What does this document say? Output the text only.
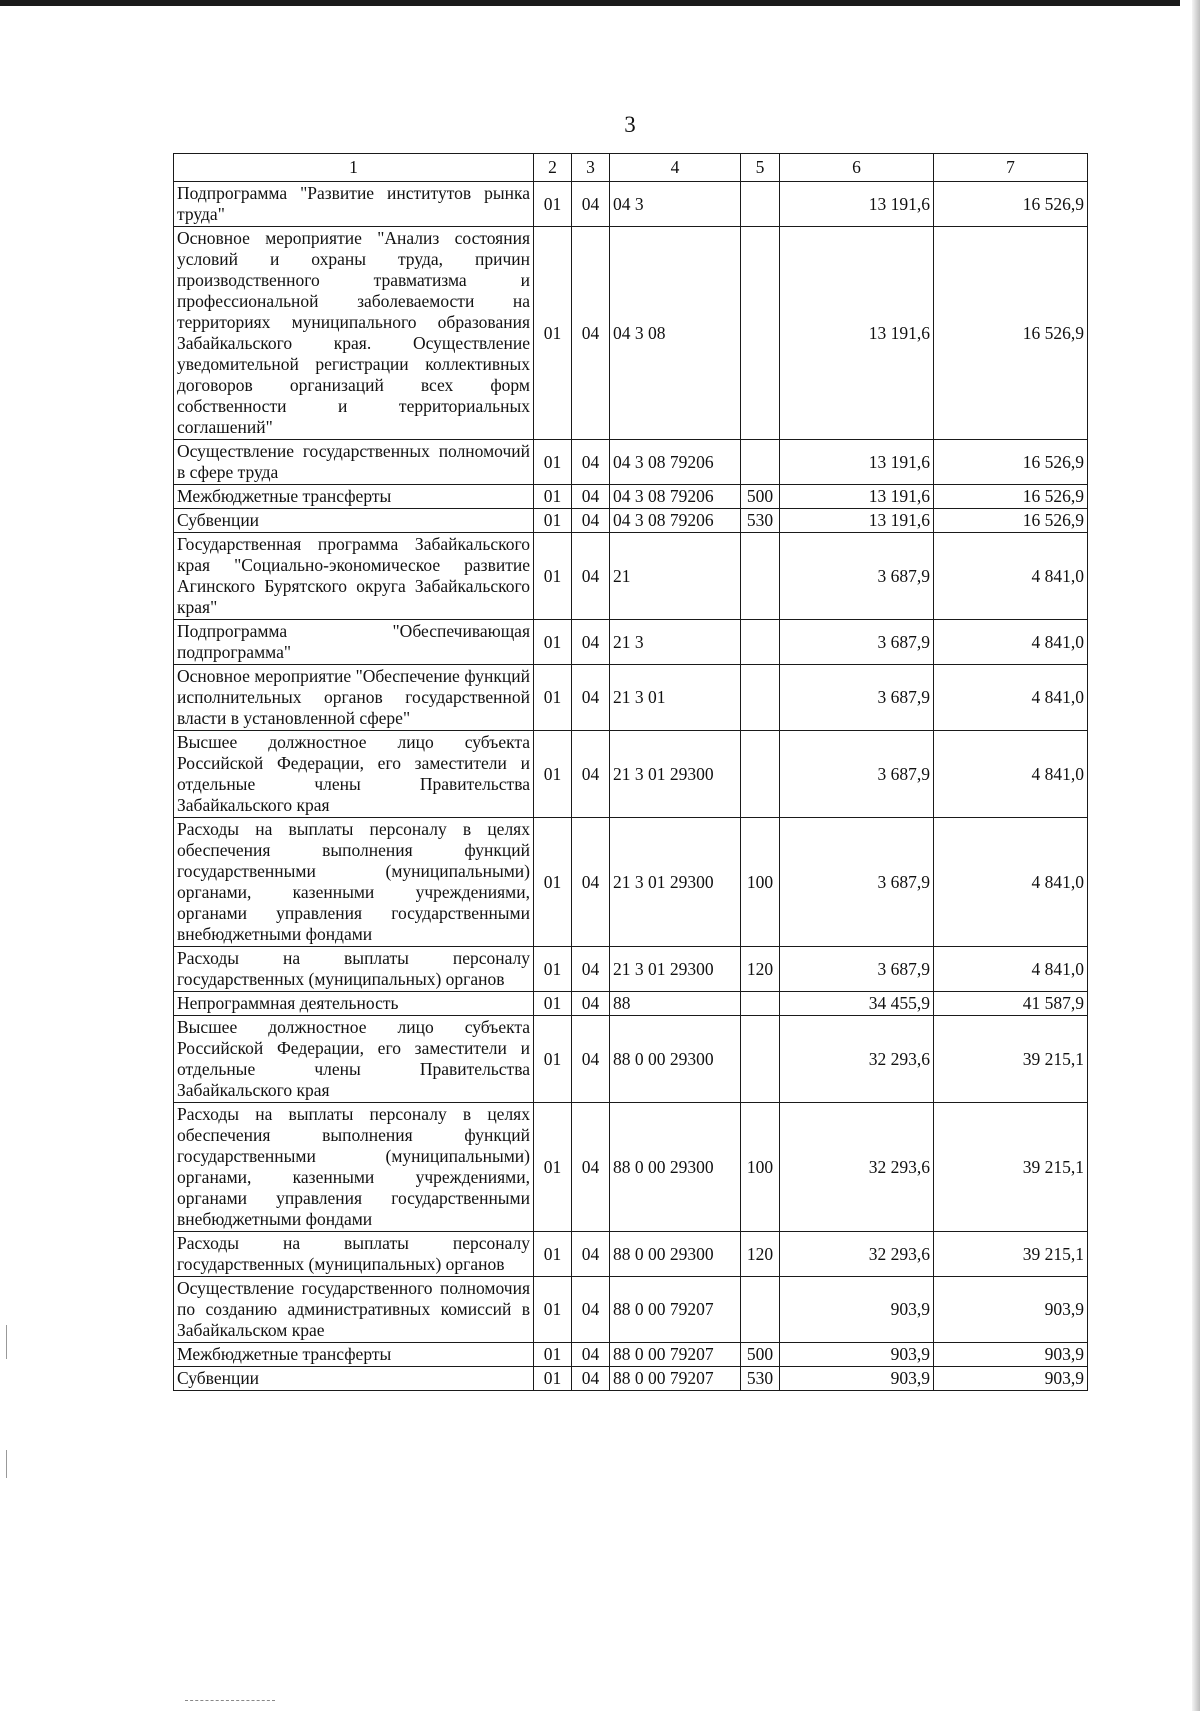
3
1	2	3	4	5	6	7
Подпрограмма "Развитие институтов рынка труда"	01	04	04 3		13 191,6	16 526,9
Основное мероприятие "Анализ состояния условий и охраны труда, причин производственного травматизма и профессиональной заболеваемости на территориях муниципального образования Забайкальского края. Осуществление уведомительной регистрации коллективных договоров организаций всех форм собственности и территориальных соглашений"	01	04	04 3 08		13 191,6	16 526,9
Осуществление государственных полномочий в сфере труда	01	04	04 3 08 79206		13 191,6	16 526,9
Межбюджетные трансферты	01	04	04 3 08 79206	500	13 191,6	16 526,9
Субвенции	01	04	04 3 08 79206	530	13 191,6	16 526,9
Государственная программа Забайкальского края "Социально-экономическое развитие Агинского Бурятского округа Забайкальского края"	01	04	21		3 687,9	4 841,0
Подпрограмма "Обеспечивающая подпрограмма"	01	04	21 3		3 687,9	4 841,0
Основное мероприятие "Обеспечение функций исполнительных органов государственной власти в установленной сфере"	01	04	21 3 01		3 687,9	4 841,0
Высшее должностное лицо субъекта Российской Федерации, его заместители и отдельные члены Правительства Забайкальского края	01	04	21 3 01 29300		3 687,9	4 841,0
Расходы на выплаты персоналу в целях обеспечения выполнения функций государственными (муниципальными) органами, казенными учреждениями, органами управления государственными внебюджетными фондами	01	04	21 3 01 29300	100	3 687,9	4 841,0
Расходы на выплаты персоналу государственных (муниципальных) органов	01	04	21 3 01 29300	120	3 687,9	4 841,0
Непрограммная деятельность	01	04	88		34 455,9	41 587,9
Высшее должностное лицо субъекта Российской Федерации, его заместители и отдельные члены Правительства Забайкальского края	01	04	88 0 00 29300		32 293,6	39 215,1
Расходы на выплаты персоналу в целях обеспечения выполнения функций государственными (муниципальными) органами, казенными учреждениями, органами управления государственными внебюджетными фондами	01	04	88 0 00 29300	100	32 293,6	39 215,1
Расходы на выплаты персоналу государственных (муниципальных) органов	01	04	88 0 00 29300	120	32 293,6	39 215,1
Осуществление государственного полномочия по созданию административных комиссий в Забайкальском крае	01	04	88 0 00 79207		903,9	903,9
Межбюджетные трансферты	01	04	88 0 00 79207	500	903,9	903,9
Субвенции	01	04	88 0 00 79207	530	903,9	903,9
